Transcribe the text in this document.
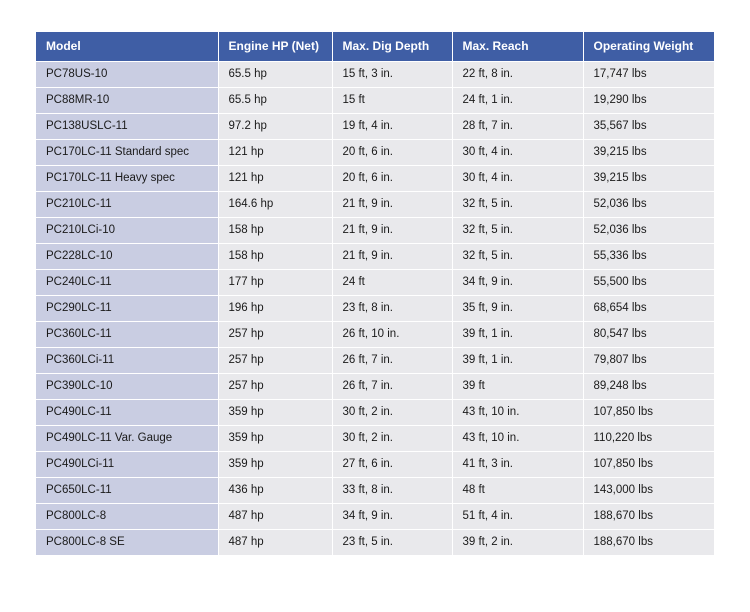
Model	Engine HP (Net)	Max. Dig Depth	Max. Reach	Operating Weight
PC78US-10	65.5 hp	15 ft, 3 in.	22 ft, 8 in.	17,747 lbs
PC88MR-10	65.5 hp	15 ft	24 ft, 1 in.	19,290 lbs
PC138USLC-11	97.2 hp	19 ft, 4 in.	28 ft, 7 in.	35,567 lbs
PC170LC-11 Standard spec	121 hp	20 ft, 6 in.	30 ft, 4 in.	39,215 lbs
PC170LC-11 Heavy spec	121 hp	20 ft, 6 in.	30 ft, 4 in.	39,215 lbs
PC210LC-11	164.6 hp	21 ft, 9 in.	32 ft, 5 in.	52,036 lbs
PC210LCi-10	158 hp	21 ft, 9 in.	32 ft, 5 in.	52,036 lbs
PC228LC-10	158 hp	21 ft, 9 in.	32 ft, 5 in.	55,336 lbs
PC240LC-11	177 hp	24 ft	34 ft, 9 in.	55,500 lbs
PC290LC-11	196 hp	23 ft, 8 in.	35 ft, 9 in.	68,654 lbs
PC360LC-11	257 hp	26 ft, 10 in.	39 ft, 1 in.	80,547 lbs
PC360LCi-11	257 hp	26 ft, 7 in.	39 ft, 1 in.	79,807 lbs
PC390LC-10	257 hp	26 ft, 7 in.	39 ft	89,248 lbs
PC490LC-11	359 hp	30 ft, 2 in.	43 ft, 10 in.	107,850 lbs
PC490LC-11 Var. Gauge	359 hp	30 ft, 2 in.	43 ft, 10 in.	110,220 lbs
PC490LCi-11	359 hp	27 ft, 6 in.	41 ft, 3 in.	107,850 lbs
PC650LC-11	436 hp	33 ft, 8 in.	48 ft	143,000 lbs
PC800LC-8	487 hp	34 ft, 9 in.	51 ft, 4 in.	188,670 lbs
PC800LC-8 SE	487 hp	23 ft, 5 in.	39 ft, 2 in.	188,670 lbs
